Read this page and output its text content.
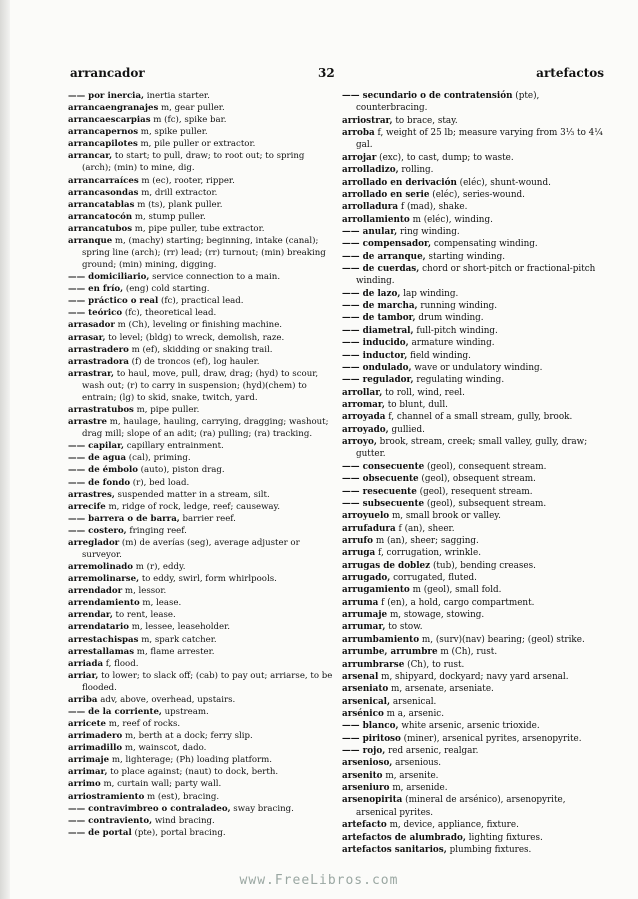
arrancador	32	artefactos
—— por inercia, inertia starter.
arrancaengranajes m, gear puller.
arrancaescarpias m (fc), spike bar.
arrancapernos m, spike puller.
arrancapilotes m, pile puller or extractor.
arrancar, to start; to pull, draw; to root out; to spring (arch); (min) to mine, dig.
arrancarraíces m (ec), rooter, ripper.
arrancasondas m, drill extractor.
arrancatablas m (ts), plank puller.
arrancatocón m, stump puller.
arrancatubos m, pipe puller, tube extractor.
arranque m, (machy) starting; beginning, intake (canal); spring line (arch); (rr) lead; (rr) turnout; (min) breaking ground; (min) mining, digging.
—— domiciliario, service connection to a main.
—— en frío, (eng) cold starting.
—— práctico o real (fc), practical lead.
—— teórico (fc), theoretical lead.
arrasador m (Ch), leveling or finishing machine.
arrasar, to level; (bldg) to wreck, demolish, raze.
arrastradero m (ef), skidding or snaking trail.
arrastradora (f) de troncos (ef), log hauler.
arrastrar, to haul, move, pull, draw, drag; (hyd) to scour, wash out; (r) to carry in suspension; (hyd)(chem) to entrain; (lg) to skid, snake, twitch, yard.
arrastratubos m, pipe puller.
arrastre m, haulage, hauling, carrying, dragging; washout; drag mill; slope of an adit; (ra) pulling; (ra) tracking.
—— capilar, capillary entrainment.
—— de agua (cal), priming.
—— de émbolo (auto), piston drag.
—— de fondo (r), bed load.
arrastres, suspended matter in a stream, silt.
arrecife m, ridge of rock, ledge, reef; causeway.
—— barrera o de barra, barrier reef.
—— costero, fringing reef.
arreglador (m) de averías (seg), average adjuster or surveyor.
arremolinado m (r), eddy.
arremolinarse, to eddy, swirl, form whirlpools.
arrendador m, lessor.
arrendamiento m, lease.
arrendar, to rent, lease.
arrendatario m, lessee, leaseholder.
arrestachispas m, spark catcher.
arrestallamas m, flame arrester.
arriada f, flood.
arriar, to lower; to slack off; (cab) to pay out; arriarse, to be flooded.
arriba adv, above, overhead, upstairs.
—— de la corriente, upstream.
arricete m, reef of rocks.
arrimadero m, berth at a dock; ferry slip.
arrimadillo m, wainscot, dado.
arrimaje m, lighterage; (Ph) loading platform.
arrimar, to place against; (naut) to dock, berth.
arrimo m, curtain wall; party wall.
arriostramiento m (est), bracing.
—— contravimbreo o contraladeo, sway bracing.
—— contraviento, wind bracing.
—— de portal (pte), portal bracing.
—— secundario o de contratensión (pte), counterbracing.
arriostrar, to brace, stay.
arroba f, weight of 25 lb; measure varying from 3⅓ to 4¼ gal.
arrojar (exc), to cast, dump; to waste.
arrolladizo, rolling.
arrollado en derivación (eléc), shunt-wound.
arrollado en serie (eléc), series-wound.
arrolladura f (mad), shake.
arrollamiento m (eléc), winding.
—— anular, ring winding.
—— compensador, compensating winding.
—— de arranque, starting winding.
—— de cuerdas, chord or short-pitch or fractional-pitch winding.
—— de lazo, lap winding.
—— de marcha, running winding.
—— de tambor, drum winding.
—— diametral, full-pitch winding.
—— inducido, armature winding.
—— inductor, field winding.
—— ondulado, wave or undulatory winding.
—— regulador, regulating winding.
arrollar, to roll, wind, reel.
arromar, to blunt, dull.
arroyada f, channel of a small stream, gully, brook.
arroyado, gullied.
arroyo, brook, stream, creek; small valley, gully, draw; gutter.
—— consecuente (geol), consequent stream.
—— obsecuente (geol), obsequent stream.
—— resecuente (geol), resequent stream.
—— subsecuente (geol), subsequent stream.
arroyuelo m, small brook or valley.
arrufadura f (an), sheer.
arrufo m (an), sheer; sagging.
arruga f, corrugation, wrinkle.
arrugas de doblez (tub), bending creases.
arrugado, corrugated, fluted.
arrugamiento m (geol), small fold.
arruma f (en), a hold, cargo compartment.
arrumaje m, stowage, stowing.
arrumar, to stow.
arrumbamiento m, (surv)(nav) bearing; (geol) strike.
arrumbe, arrumbre m (Ch), rust.
arrumbrarse (Ch), to rust.
arsenal m, shipyard, dockyard; navy yard arsenal.
arseniato m, arsenate, arseniate.
arsenical, arsenical.
arsénico m a, arsenic.
—— blanco, white arsenic, arsenic trioxide.
—— piritoso (miner), arsenical pyrites, arsenopyrite.
—— rojo, red arsenic, realgar.
arsenioso, arsenious.
arsenito m, arsenite.
arseniuro m, arsenide.
arsenopirita (mineral de arsénico), arsenopyrite, arsenical pyrites.
artefacto m, device, appliance, fixture.
artefactos de alumbrado, lighting fixtures.
artefactos sanitarios, plumbing fixtures.
www.FreeLibros.com
